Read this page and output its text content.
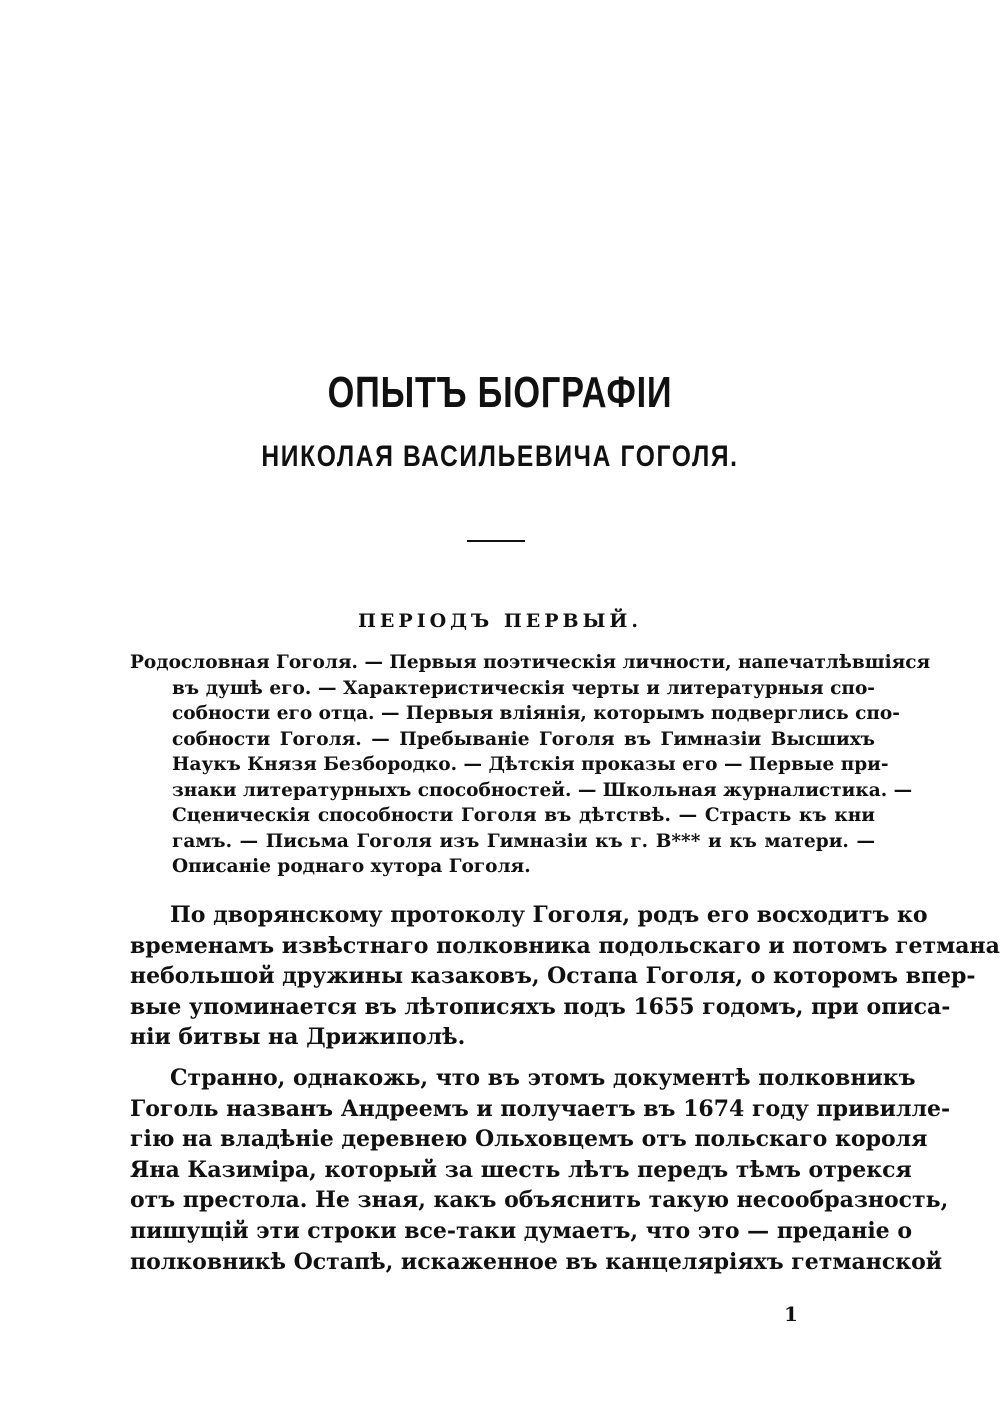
ОПЫТЪ БІОГРАФІИ
НИКОЛАЯ ВАСИЛЬЕВИЧА ГОГОЛЯ.
ПЕРІОДЪ ПЕРВЫЙ.
Родословная Гоголя. — Первыя поэтическія личности, напечатлѣвшіяся
въ душѣ его. — Характеристическія черты и литературныя спо-
собности его отца. — Первыя вліянія, которымъ подверглись спо-
собности Гоголя. — Пребываніе Гоголя въ Гимназіи Высшихъ
Наукъ Князя Безбородко. — Дѣтскія проказы его — Первые при-
знаки литературныхъ способностей. — Школьная журналистика. —
Сценическія способности Гоголя въ дѣтствѣ. — Страсть къ кни
гамъ. — Письма Гоголя изъ Гимназіи къ г. В*** и къ матери. —
Описаніе роднаго хутора Гоголя.
По дворянскому протоколу Гоголя, родъ его восходитъ ко
временамъ извѣстнаго полковника подольскаго и потомъ гетмана
небольшой дружины казаковъ, Остапа Гоголя, о которомъ впер-
вые упоминается въ лѣтописяхъ подъ 1655 годомъ, при описа-
ніи битвы на Дрижиполѣ.
Странно, однакожь, что въ этомъ документѣ полковникъ
Гоголь названъ Андреемъ и получаетъ въ 1674 году привилле-
гію на владѣніе деревнею Ольховцемъ отъ польскаго короля
Яна Казиміра, который за шесть лѣтъ передъ тѣмъ отрекся
отъ престола. Не зная, какъ объяснить такую несообразность,
пишущій эти строки все-таки думаетъ, что это — преданіе о
полковникѣ Остапѣ, искаженное въ канцеляріяхъ гетманской
1
